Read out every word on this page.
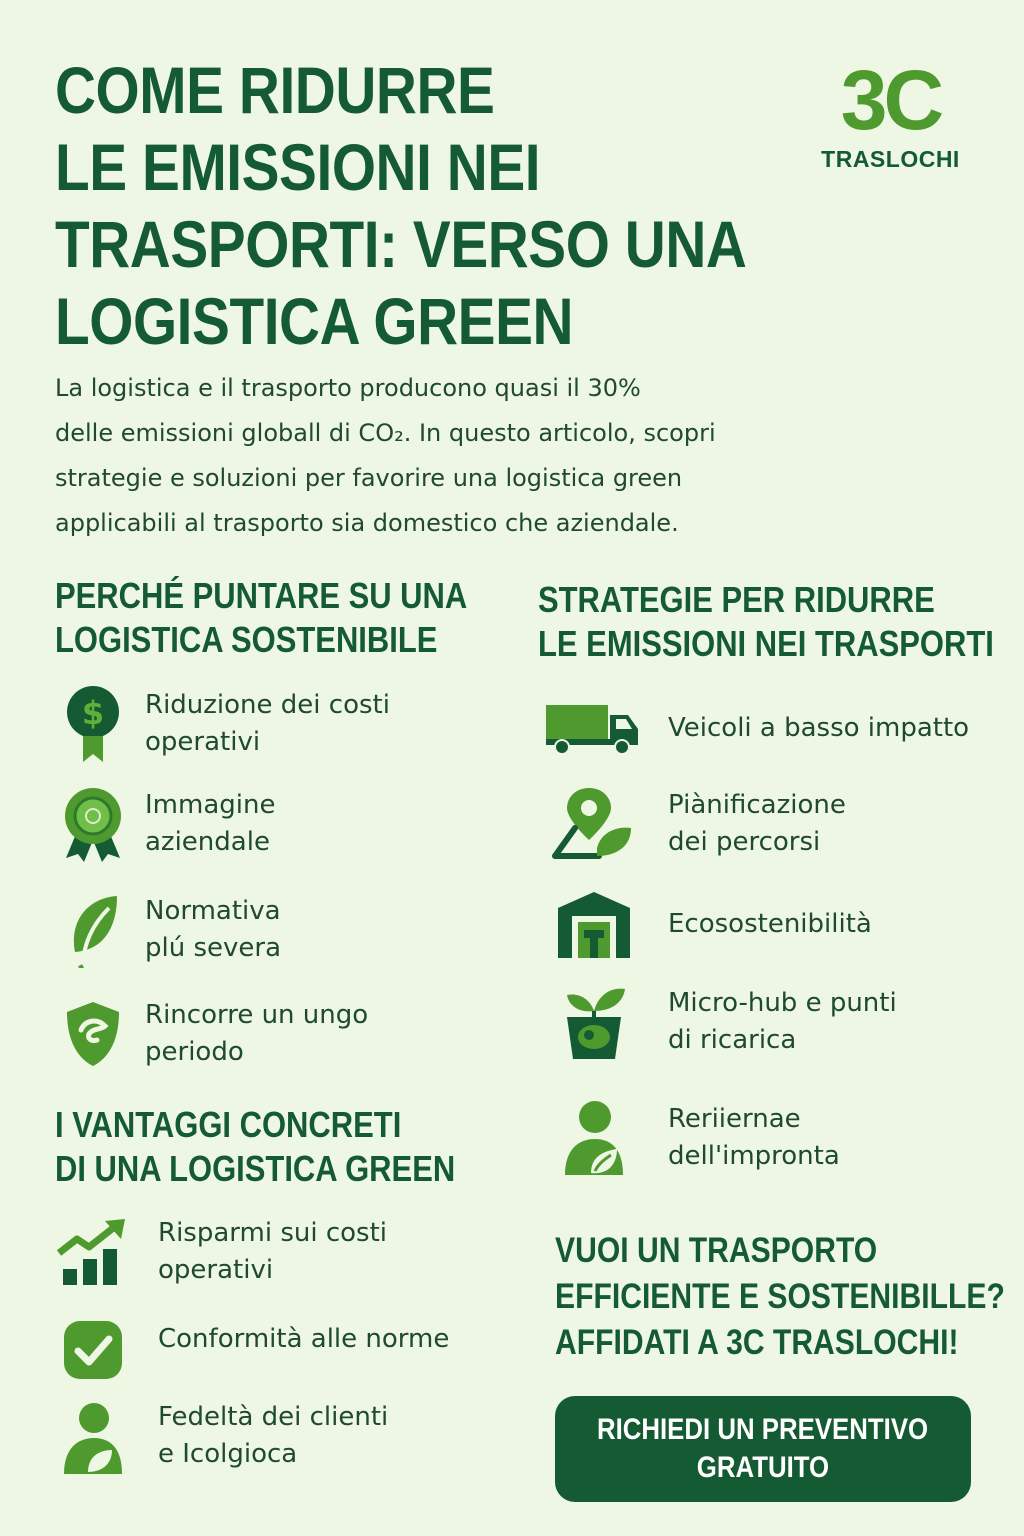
COME RIDURRE
LE EMISSIONI NEI
TRASPORTI: VERSO UNA
LOGISTICA GREEN
3C
TRASLOCHI

La logistica e il trasporto producono quasi il 30%
delle emissioni globall di CO₂. In questo articolo, scopri
strategie e soluzioni per favorire una logistica green
applicabili al trasporto sia domestico che aziendale.

PERCHÉ PUNTARE SU UNA
LOGISTICA SOSTENIBILE
$ Riduzione dei costi
operativi
Immagine
aziendale
Normativa
plú severa
Rincorre un ungo
periodo
I VANTAGGI CONCRETI
DI UNA LOGISTICA GREEN
Risparmi sui costi
operativi
Conformità alle norme
Fedeltà dei clienti
e Icolgioca
STRATEGIE PER RIDURRE
LE EMISSIONI NEI TRASPORTI
Veicoli a basso impatto
Piànificazione
dei percorsi
Ecosostenibilità
Micro-hub e punti
di ricarica
Reriiernae
dell'impronta
VUOI UN TRASPORTO
EFFICIENTE E SOSTENIBILLE?
AFFIDATI A 3C TRASLOCHI!
RICHIEDI UN PREVENTIVO
GRATUITO
